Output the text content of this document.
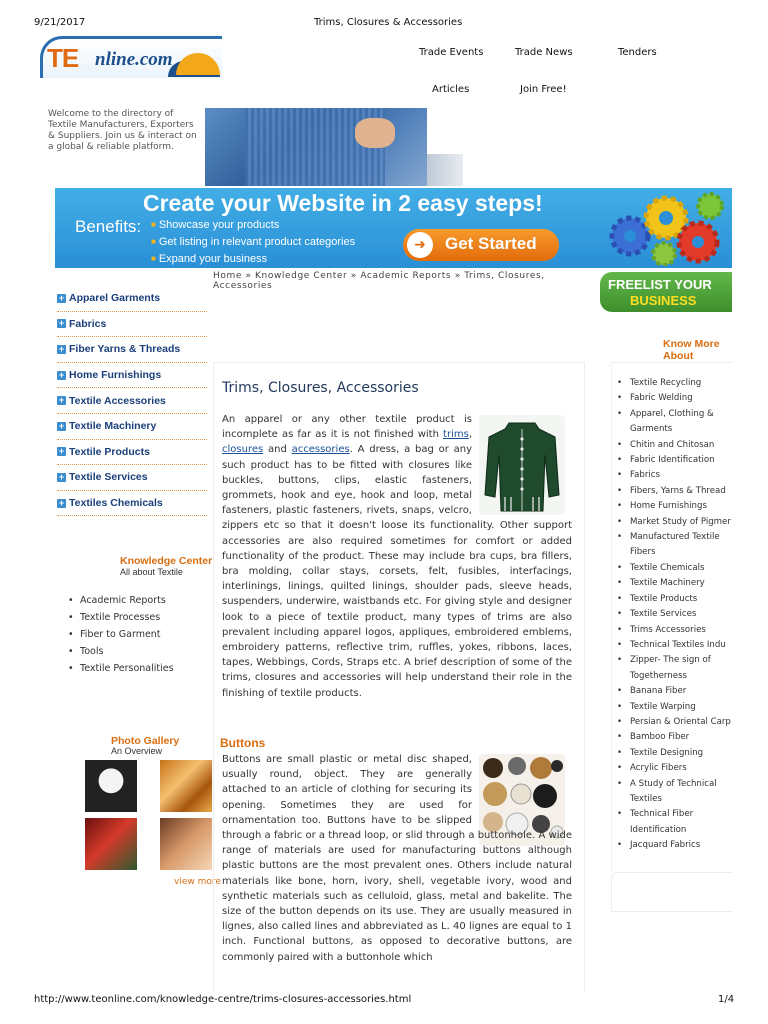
9/21/2017	Trims, Closures & Accessories
TE nline.com	Trade Events	Trade News	Tenders
Articles	Join Free!
Welcome to the directory of Textile Manufacturers, Exporters & Suppliers. Join us & interact on a global & reliable platform.
Create your Website in 2 easy steps!
Benefits:
■	Showcase your products
■ Get listing in relevant product categories
■ Expand your business
➜	Get Started
Home » Knowledge Center » Academic Reports » Trims, Closures, Accessories	FREELIST YOUR
BUSINESS
+ Apparel Garments
+ Fabrics
+ Fiber Yarns & Threads
+ Home Furnishings
+ Textile Accessories
+ Textile Machinery
+ Textile Products
+ Textile Services
+ Textiles Chemicals
Knowledge Center
All about Textile
• Academic Reports
• Textile Processes
• Fiber to Garment
• Tools
• Textile Personalities
Photo Gallery
An Overview
view more
Trims, Closures, Accessories
An apparel or any other textile product is incomplete as far as it is not finished with trims, closures and accessories. A dress, a bag or any such product has to be fitted with closures like buckles, buttons, clips, elastic fasteners, grommets, hook and eye, hook and loop, metal fasteners, plastic fasteners, rivets, snaps, velcro, zippers etc so that it doesn't loose its functionality. Other support accessories are also required sometimes for comfort or added functionality of the product. These may include bra cups, bra fillers, bra molding, collar stays, corsets, felt, fusibles, interfacings, interlinings, linings, quilted linings, shoulder pads, sleeve heads, suspenders, underwire, waistbands etc. For giving style and designer look to a piece of textile product, many types of trims are also prevalent including apparel logos, appliques, embroidered emblems, embroidery patterns, reflective trim, ruffles, yokes, ribbons, laces, tapes, Webbings, Cords, Straps etc. A brief description of some of the trims, closures and accessories will help understand their role in the finishing of textile products.
Buttons
Buttons are small plastic or metal disc shaped, usually round, object. They are generally attached to an article of clothing for securing its opening. Sometimes they are used for ornamentation too. Buttons have to be slipped through a fabric or a thread loop, or slid through a buttonhole. A wide range of materials are used for manufacturing buttons although plastic buttons are the most prevalent ones. Others include natural materials like bone, horn, ivory, shell, vegetable ivory, wood and synthetic materials such as celluloid, glass, metal and bakelite. The size of the button depends on its use. They are usually measured in lignes, also called lines and abbreviated as L. 40 lignes are equal to 1 inch. Functional buttons, as opposed to decorative buttons, are commonly paired with a buttonhole which
Know More About
Textile Recycling
•
Fabric Welding
•
Apparel, Clothing & Garments
•
Chitin and Chitosan
•
Fabric Identification
•
Fabrics
•
Fibers, Yarns & Thread
•
Home Furnishings
•
Market Study of Pigmer
•
Manufactured Textile Fibers
•
Textile Chemicals
•
Textile Machinery
•
Textile Products
•
Textile Services
•
Trims Accessories
•
Technical Textiles Indu
•
Zipper- The sign of Togetherness
•
Banana Fiber
•
Textile Warping
•
Persian & Oriental Carp
•
Bamboo Fiber
•
Textile Designing
•
Acrylic Fibers
•
A Study of Technical Textiles
•
Technical Fiber Identification
•
Jacquard Fabrics
•
http://www.teonline.com/knowledge-centre/trims-closures-accessories.html	1/4
